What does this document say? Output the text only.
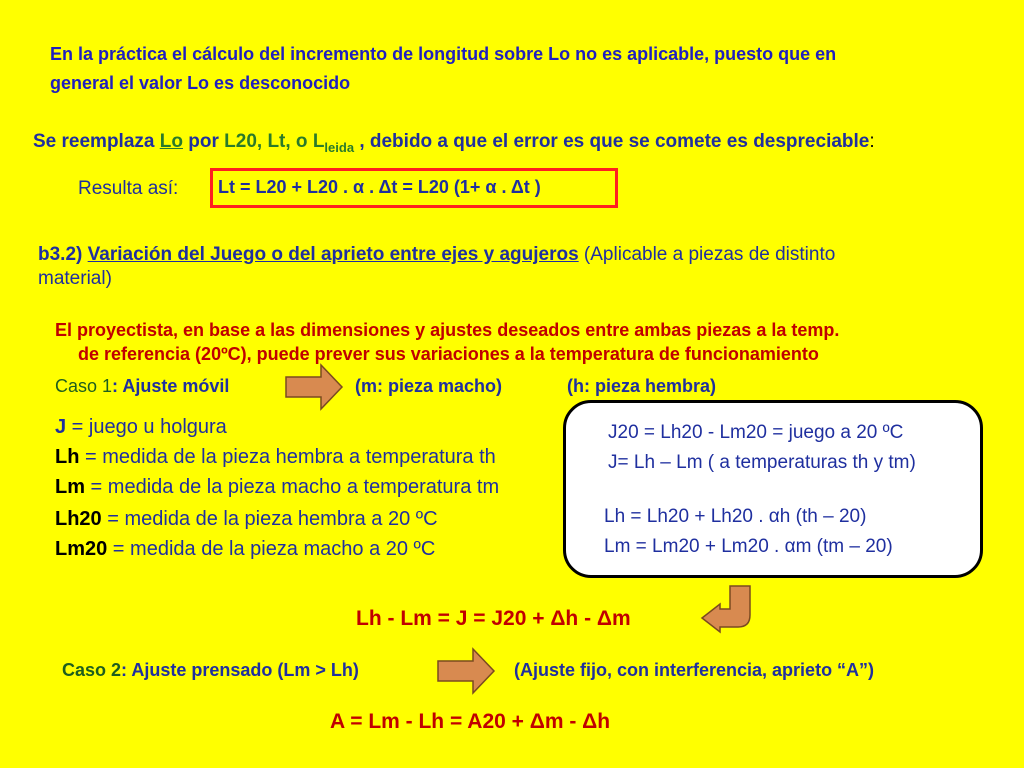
En la práctica el cálculo del incremento de longitud sobre Lo no es aplicable, puesto que en
general el valor Lo es desconocido
Se reemplaza Lo por L20, Lt, o $L_{leida}$ , debido a que el error es que se comete es despreciable:
Resulta así: Lt = L20 + L20 . α . Δt = L20 (1+ α . Δt )
b3.2) Variación del Juego o del aprieto entre ejes y agujeros (Aplicable a piezas de distinto
material)
El proyectista, en base a las dimensiones y ajustes deseados entre ambas piezas a la temp.
de referencia (20ºC), puede prever sus variaciones a la temperatura de funcionamiento
Caso 1: Ajuste móvil	(m: pieza macho)	(h: pieza hembra)
J = juego u holgura
Lh = medida de la pieza hembra a temperatura th
Lm = medida de la pieza macho a temperatura tm
Lh20 = medida de la pieza hembra a 20 ºC
Lm20 = medida de la pieza macho a 20 ºC
J20 = Lh20 - Lm20 = juego a 20 ºC
J= Lh – Lm ( a temperaturas th y tm)
Lh = Lh20 + Lh20 . αh (th – 20)
Lm = Lm20 + Lm20 . αm (tm – 20)
Lh - Lm = J = J20 + Δh - Δm
Caso 2: Ajuste prensado (Lm > Lh)	(Ajuste fijo, con interferencia, aprieto “A”)
A = Lm - Lh = A20 + Δm - Δh
